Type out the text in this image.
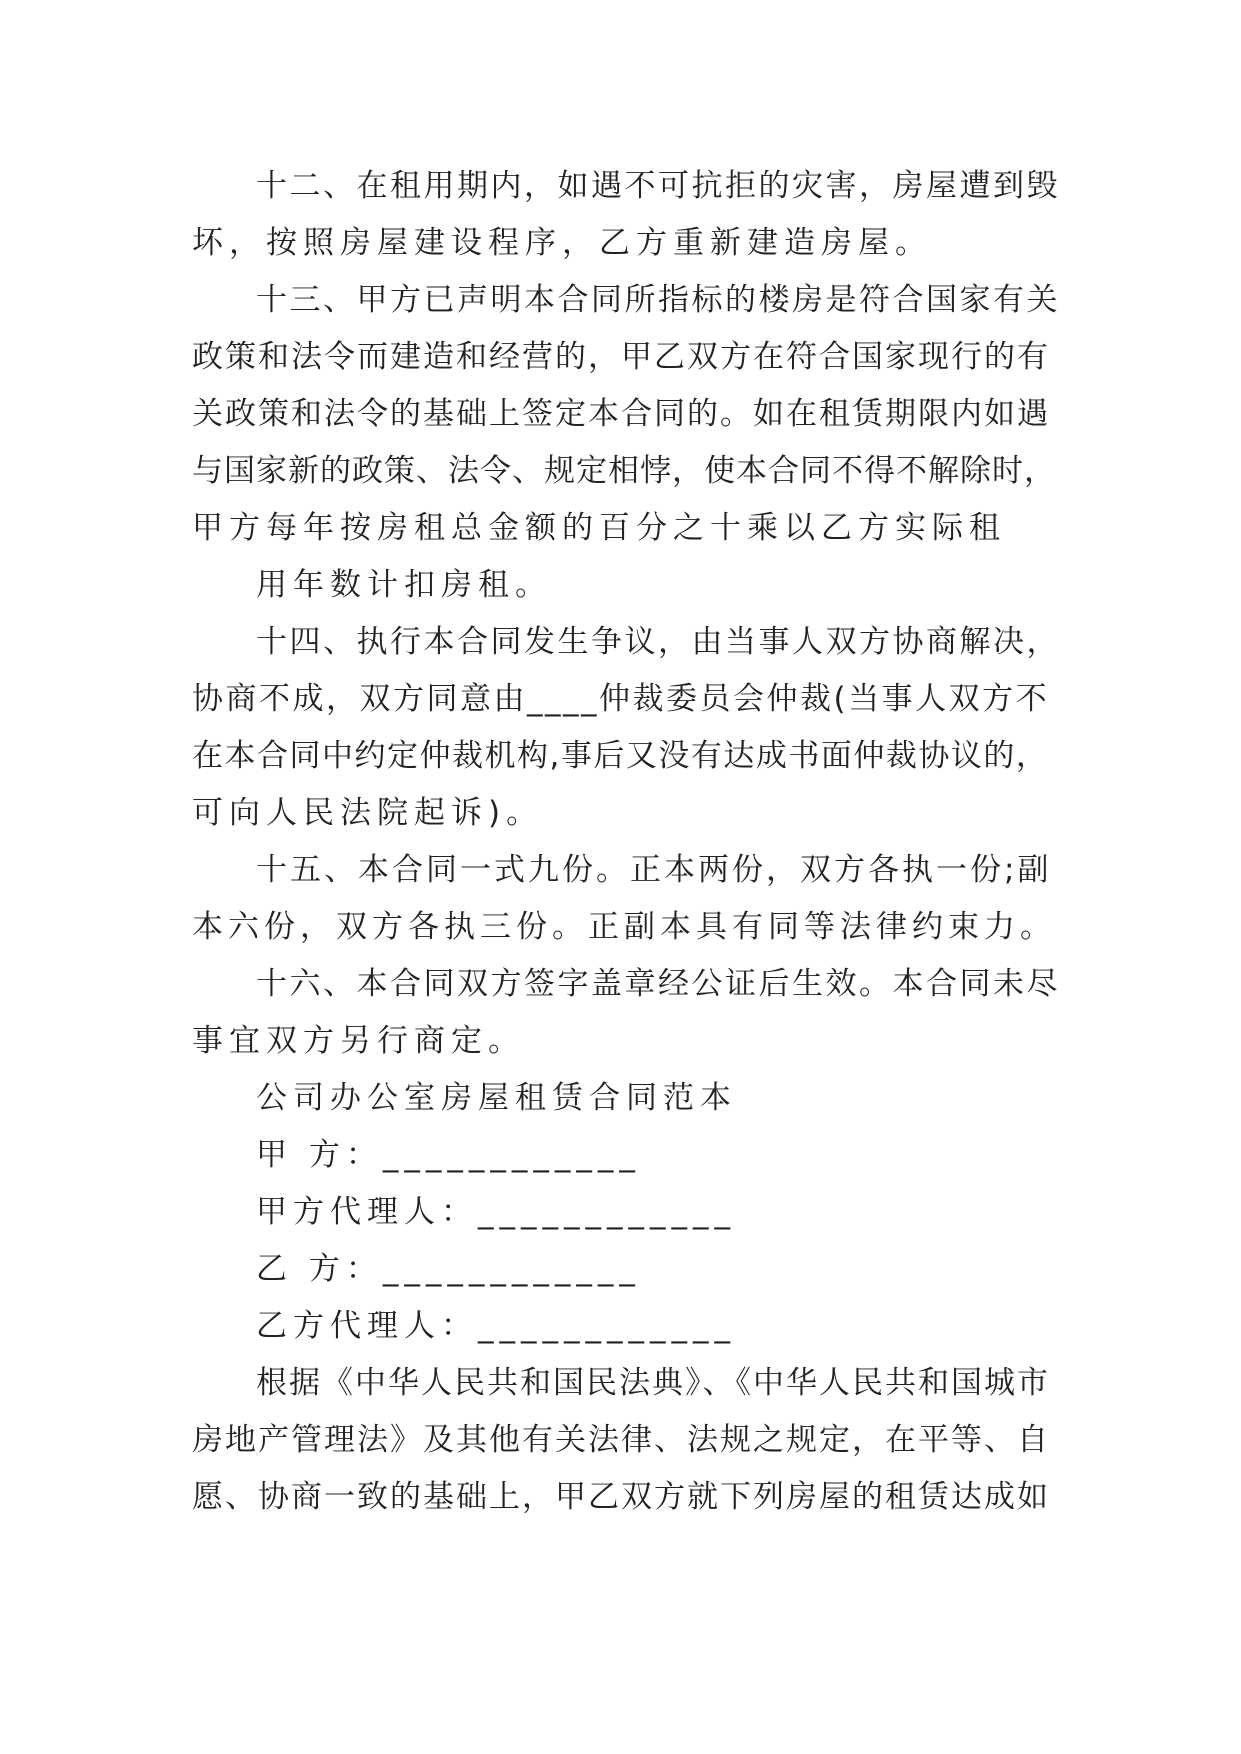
十二、在租用期内，如遇不可抗拒的灾害，房屋遭到毁
坏，按照房屋建设程序，乙方重新建造房屋。
十三、甲方已声明本合同所指标的楼房是符合国家有关
政策和法令而建造和经营的，甲乙双方在符合国家现行的有
关政策和法令的基础上签定本合同的。如在租赁期限内如遇
与国家新的政策、法令、规定相悖，使本合同不得不解除时，
甲方每年按房租总金额的百分之十乘以乙方实际租
用年数计扣房租。
十四、执行本合同发生争议，由当事人双方协商解决，
协商不成，双方同意由____仲裁委员会仲裁(当事人双方不
在本合同中约定仲裁机构,事后又没有达成书面仲裁协议的，
可向人民法院起诉)。
十五、本合同一式九份。正本两份，双方各执一份;副
本六份，双方各执三份。正副本具有同等法律约束力。
十六、本合同双方签字盖章经公证后生效。本合同未尽
事宜双方另行商定。
公司办公室房屋租赁合同范本
甲 方：____________
甲方代理人：____________
乙 方：____________
乙方代理人：____________
根据《中华人民共和国民法典》、《中华人民共和国城市
房地产管理法》及其他有关法律、法规之规定，在平等、自
愿、协商一致的基础上，甲乙双方就下列房屋的租赁达成如
